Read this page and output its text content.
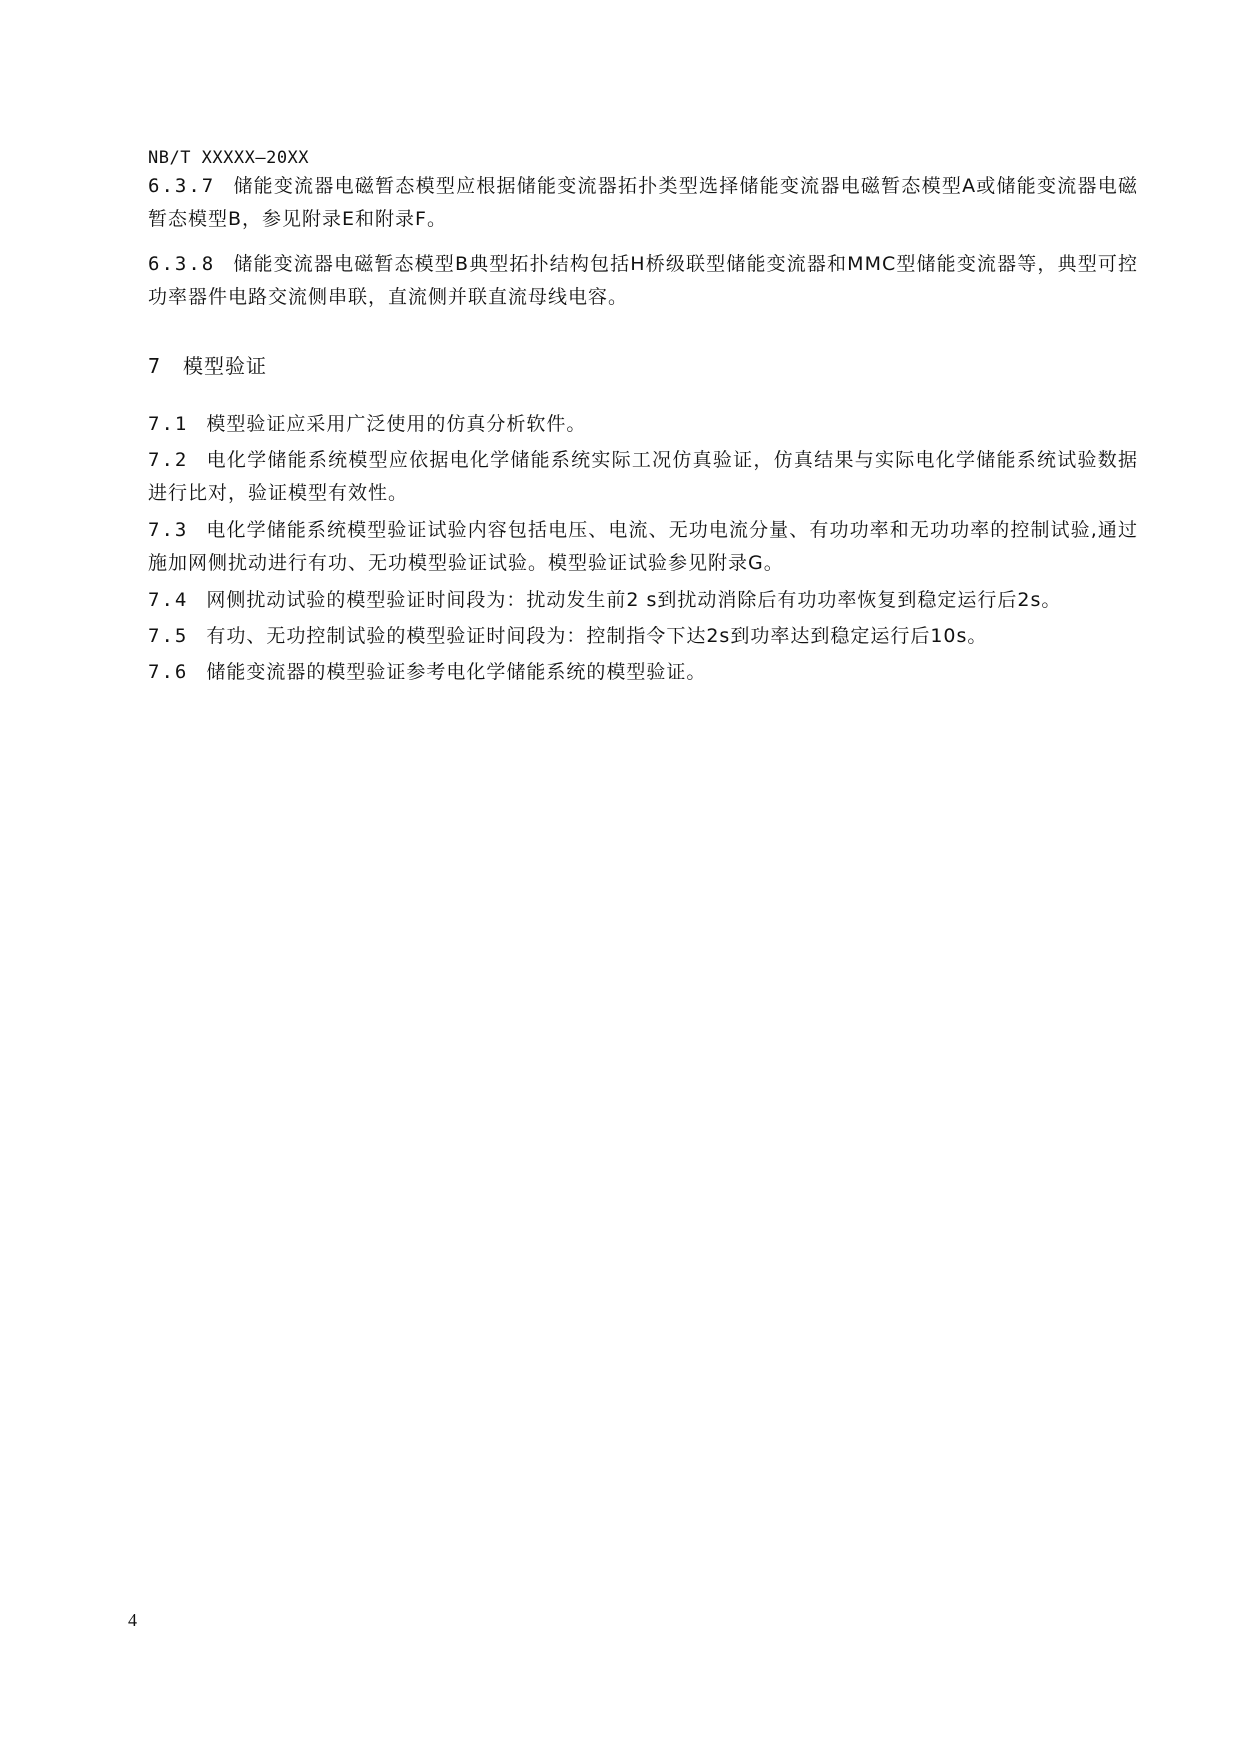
NB/T XXXXX—20XX
6.3.7 储能变流器电磁暂态模型应根据储能变流器拓扑类型选择储能变流器电磁暂态模型A或储能变流器电磁暂态模型B，参见附录E和附录F。
6.3.8 储能变流器电磁暂态模型B典型拓扑结构包括H桥级联型储能变流器和MMC型储能变流器等，典型可控功率器件电路交流侧串联，直流侧并联直流母线电容。
7 模型验证
7.1 模型验证应采用广泛使用的仿真分析软件。
7.2 电化学储能系统模型应依据电化学储能系统实际工况仿真验证，仿真结果与实际电化学储能系统试验数据进行比对，验证模型有效性。
7.3 电化学储能系统模型验证试验内容包括电压、电流、无功电流分量、有功功率和无功功率的控制试验,通过施加网侧扰动进行有功、无功模型验证试验。模型验证试验参见附录G。
7.4 网侧扰动试验的模型验证时间段为：扰动发生前2 s到扰动消除后有功功率恢复到稳定运行后2s。
7.5 有功、无功控制试验的模型验证时间段为：控制指令下达2s到功率达到稳定运行后10s。
7.6 储能变流器的模型验证参考电化学储能系统的模型验证。
4
